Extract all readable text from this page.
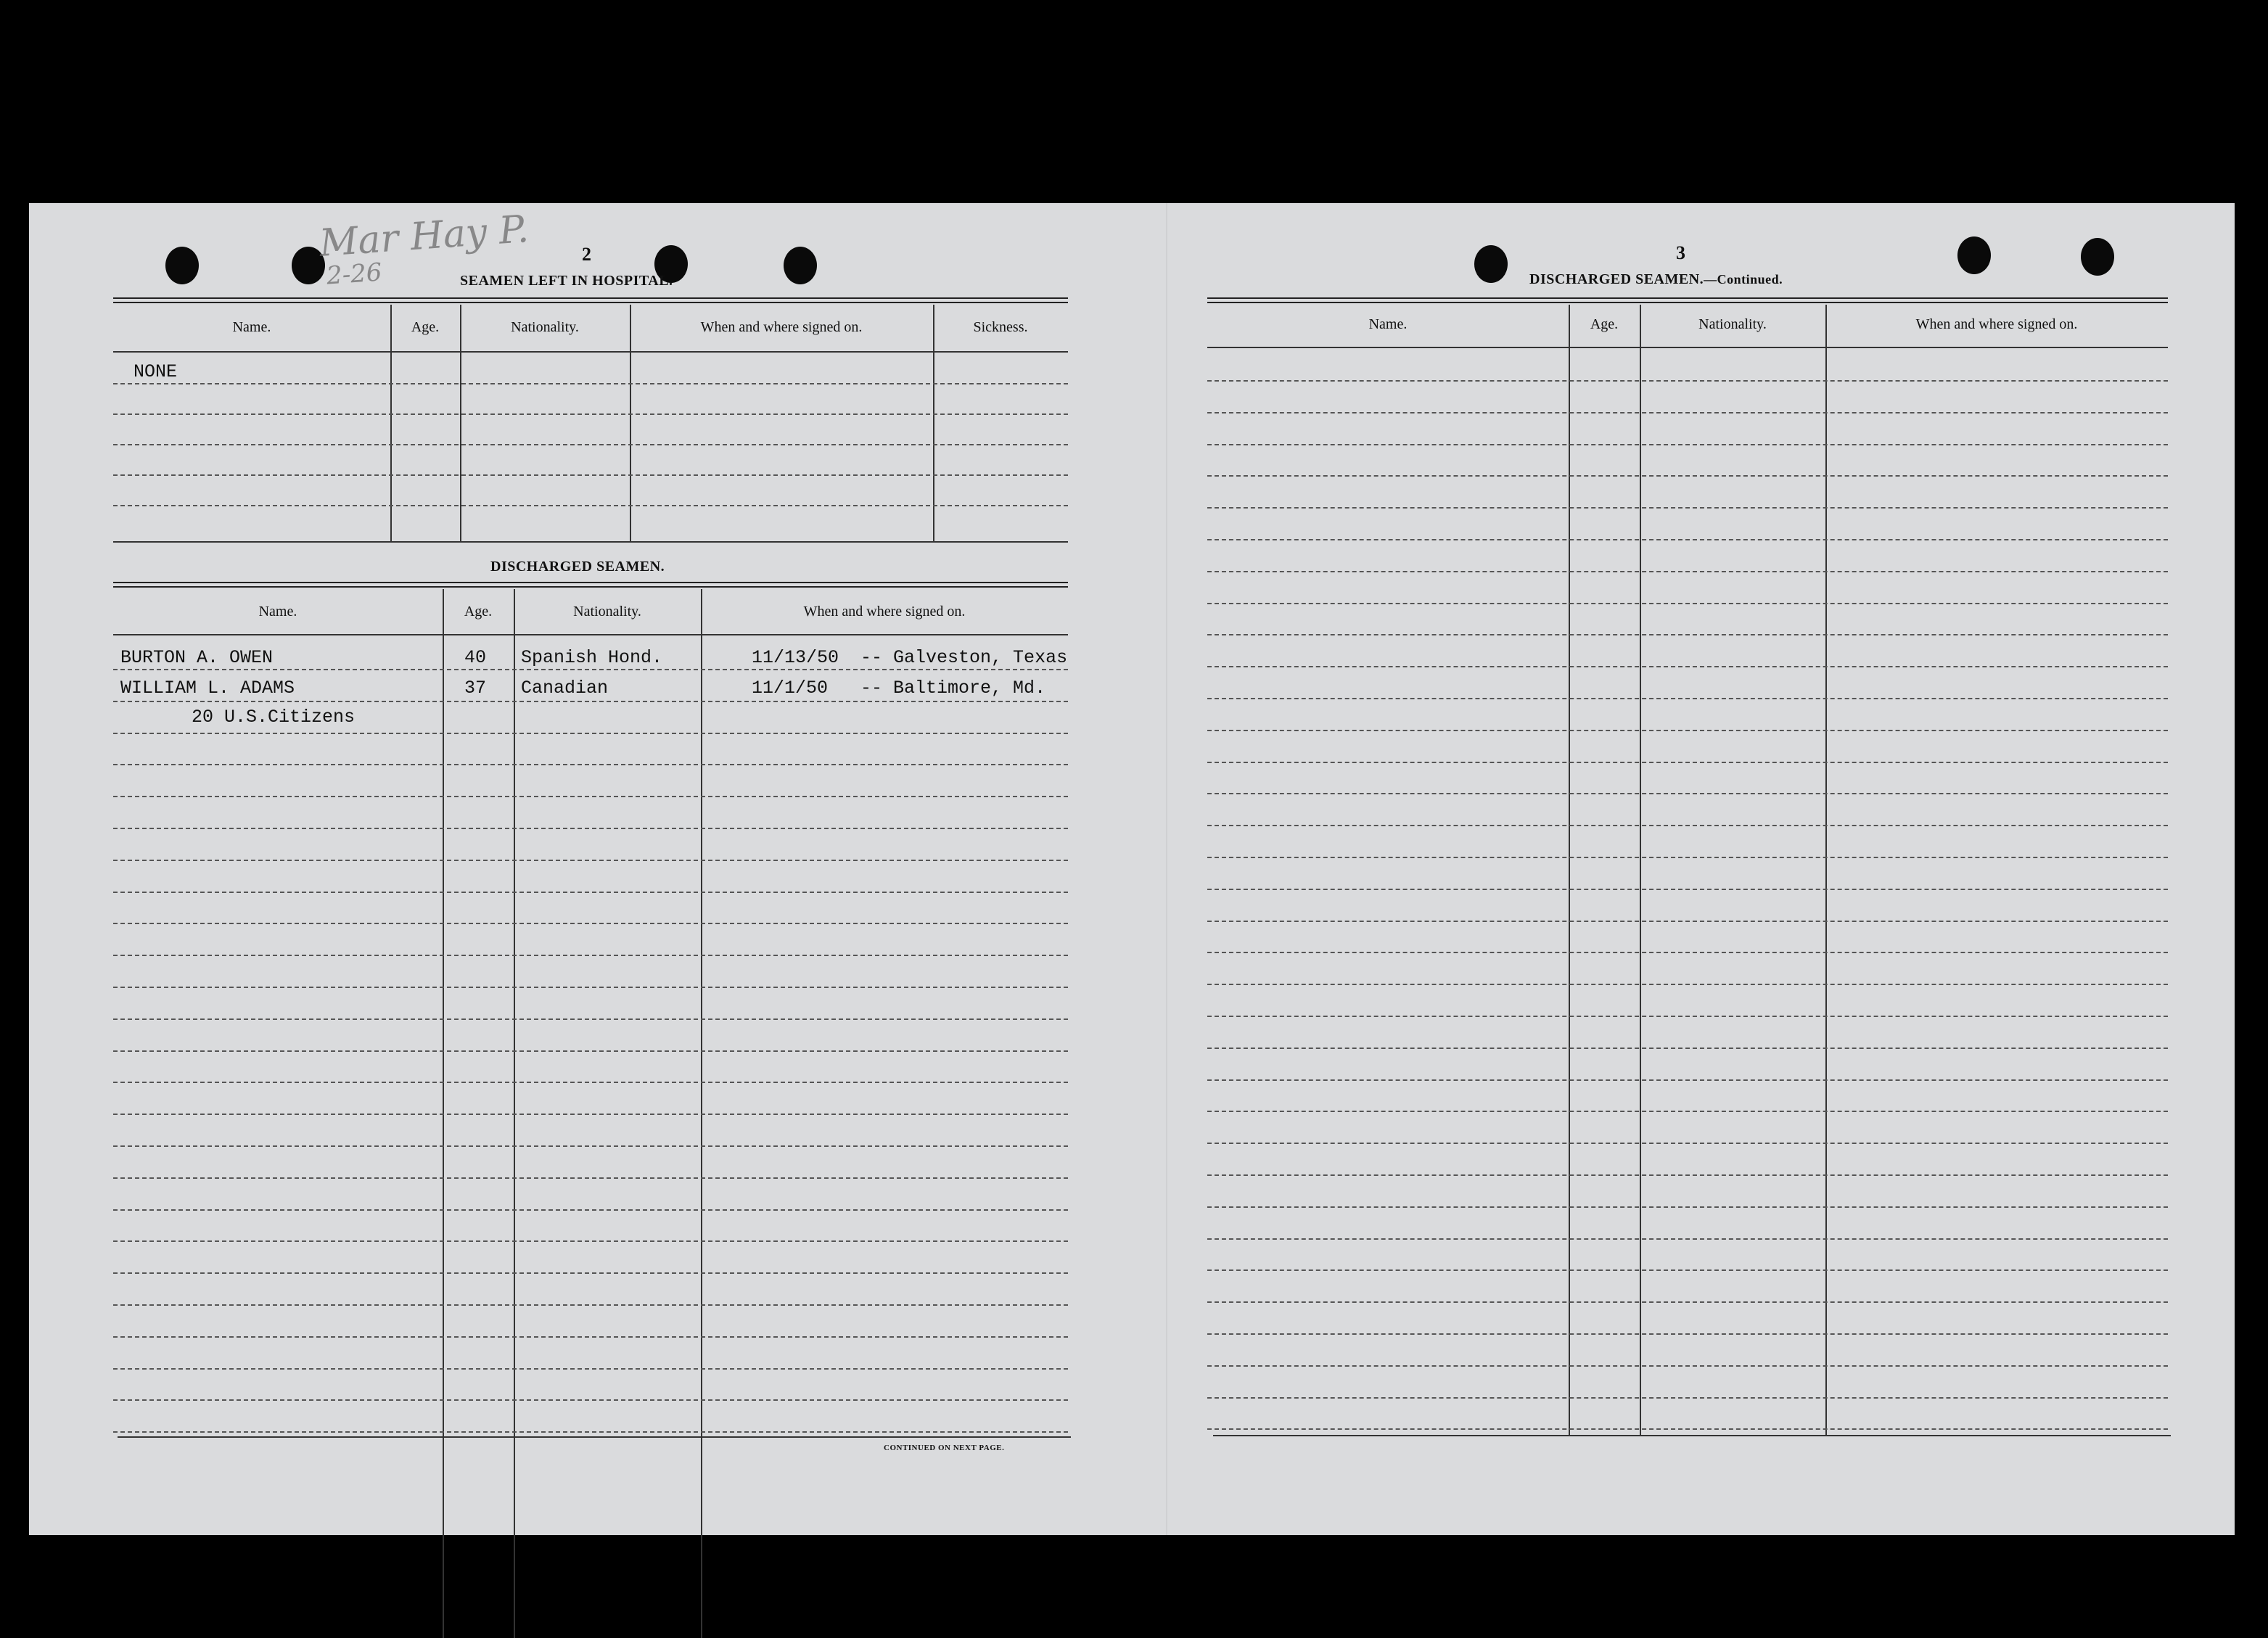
Mar Hay P.
2-26
2
SEAMEN LEFT IN HOSPITAL.
Name.	Age.	Nationality.	When and where signed on.	Sickness.
NONE
DISCHARGED SEAMEN.
Name.	Age.	Nationality.	When and where signed on.
BURTON A. OWEN	40 Spanish Hond.	11/13/50  -- Galveston, Texas
WILLIAM L. ADAMS	37 Canadian	11/1/50   -- Baltimore, Md.
20 U.S.Citizens
CONTINUED ON NEXT PAGE.
3
DISCHARGED SEAMEN.—Continued.
Name.	Age.	Nationality.	When and where signed on.
